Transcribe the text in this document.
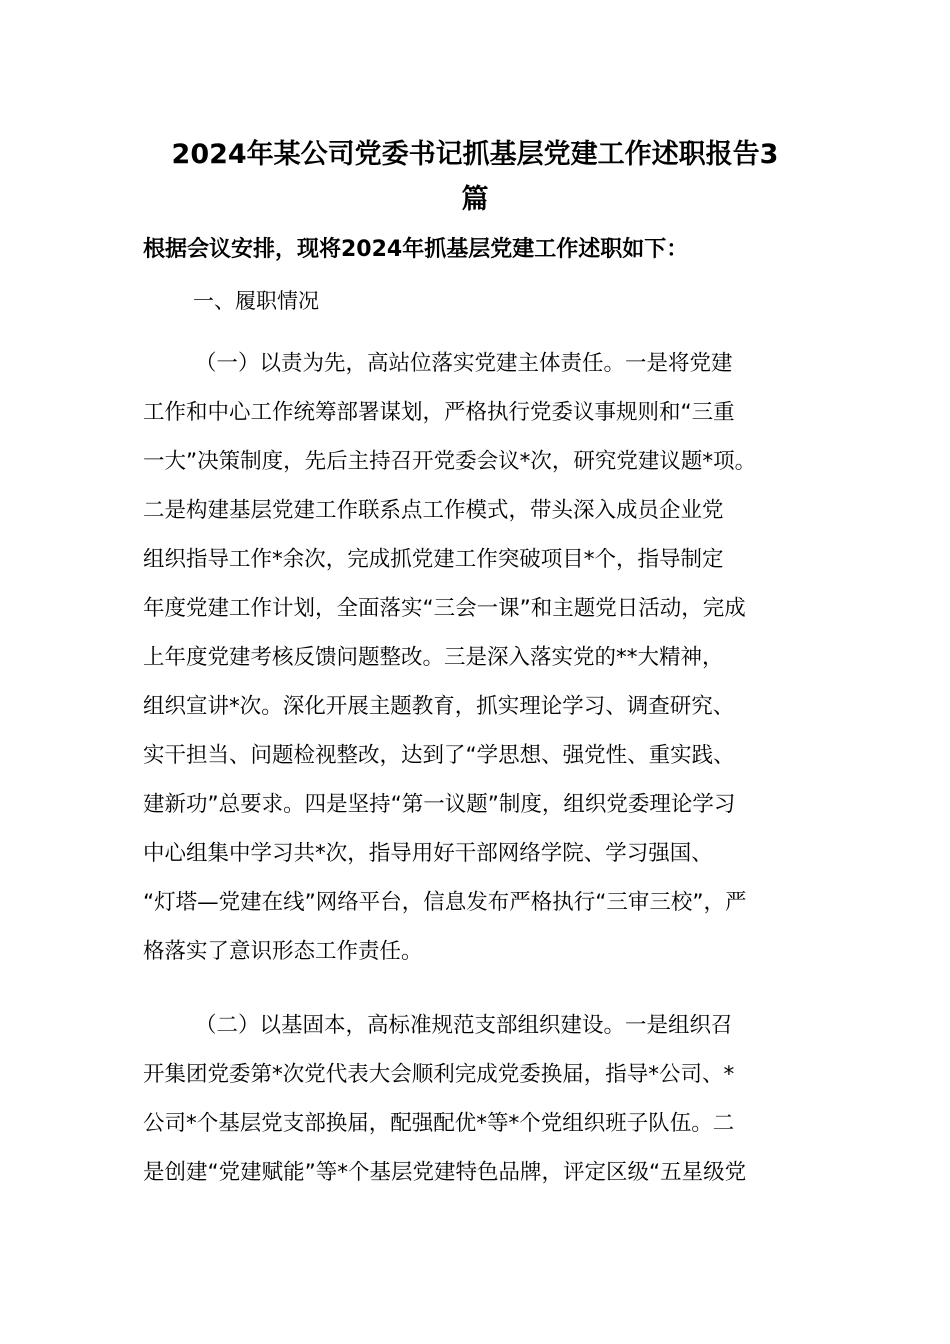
2024年某公司党委书记抓基层党建工作述职报告3
篇

根据会议安排，现将2024年抓基层党建工作述职如下：

一、履职情况

（一）以责为先，高站位落实党建主体责任。一是将党建
工作和中心工作统筹部署谋划，严格执行党委议事规则和“三重
一大”决策制度，先后主持召开党委会议*次，研究党建议题*项。
二是构建基层党建工作联系点工作模式，带头深入成员企业党
组织指导工作*余次，完成抓党建工作突破项目*个，指导制定
年度党建工作计划，全面落实“三会一课”和主题党日活动，完成
上年度党建考核反馈问题整改。三是深入落实党的**大精神，
组织宣讲*次。深化开展主题教育，抓实理论学习、调查研究、
实干担当、问题检视整改，达到了“学思想、强党性、重实践、
建新功”总要求。四是坚持“第一议题”制度，组织党委理论学习
中心组集中学习共*次，指导用好干部网络学院、学习强国、
“灯塔—党建在线”网络平台，信息发布严格执行“三审三校”，严
格落实了意识形态工作责任。
（二）以基固本，高标准规范支部组织建设。一是组织召
开集团党委第*次党代表大会顺利完成党委换届，指导*公司、*
公司*个基层党支部换届，配强配优*等*个党组织班子队伍。二
是创建“党建赋能”等*个基层党建特色品牌，评定区级“五星级党
